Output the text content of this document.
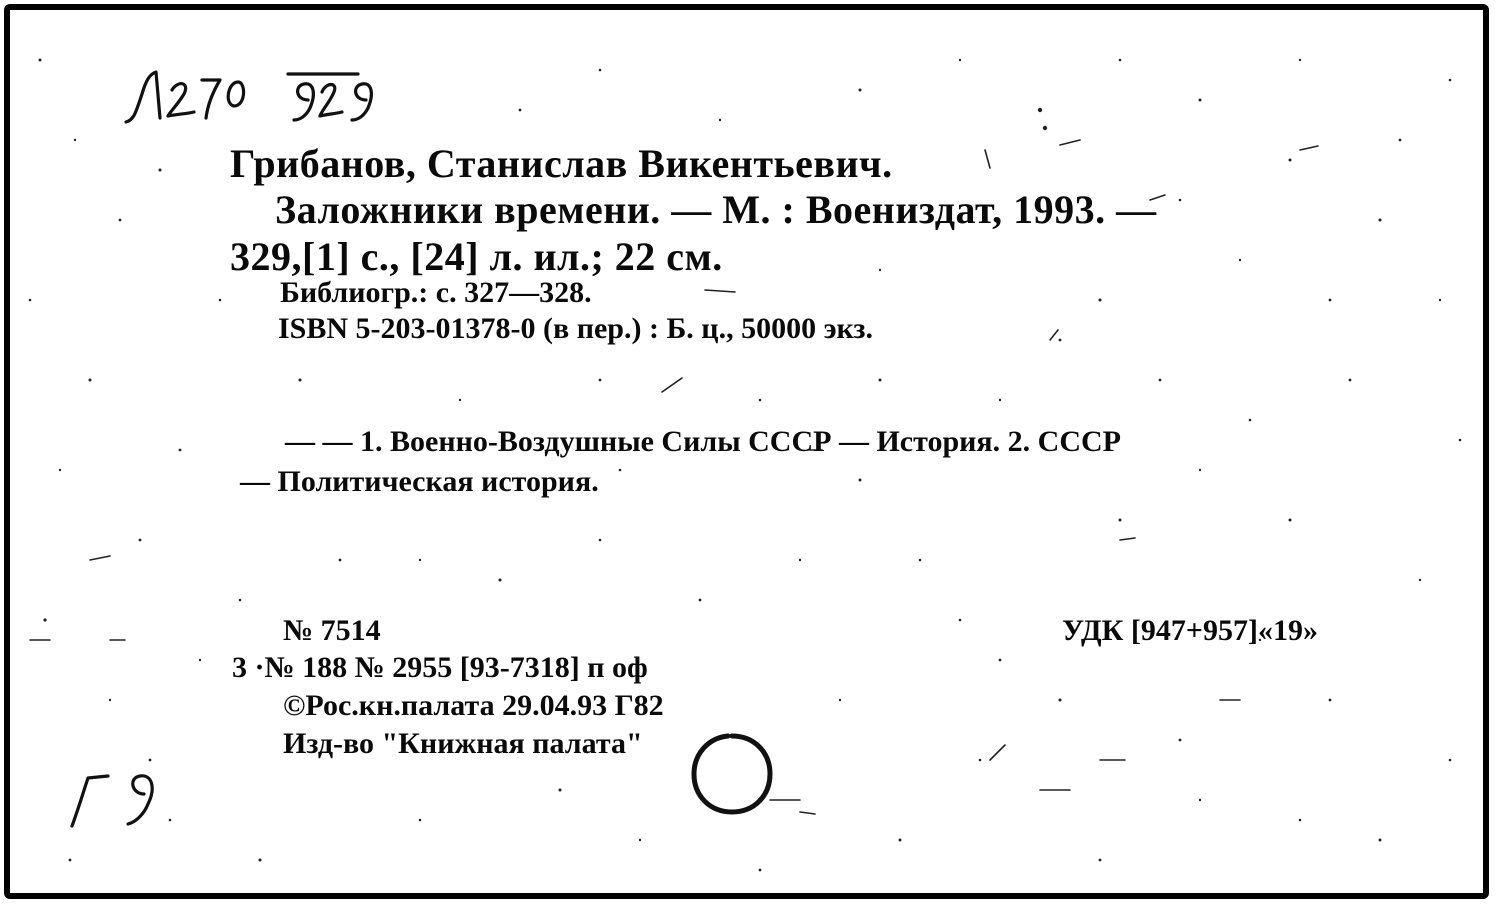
Грибанов, Станислав Викентьевич.
Заложники времени. — М. : Воениздат, 1993. —
329,[1] с., [24] л. ил.; 22 см.
Библиогр.: с. 327—328.
ISBN 5-203-01378-0 (в пер.) : Б. ц., 50000 экз.
— — 1. Военно-Воздушные Силы СССР — История. 2. СССР
— Политическая история.
№ 7514	УДК [947+957]«19»
3 ·№ 188 № 2955 [93-7318] п оф
©Рос.кн.палата 29.04.93 Г82
Изд-во "Книжная палата"
